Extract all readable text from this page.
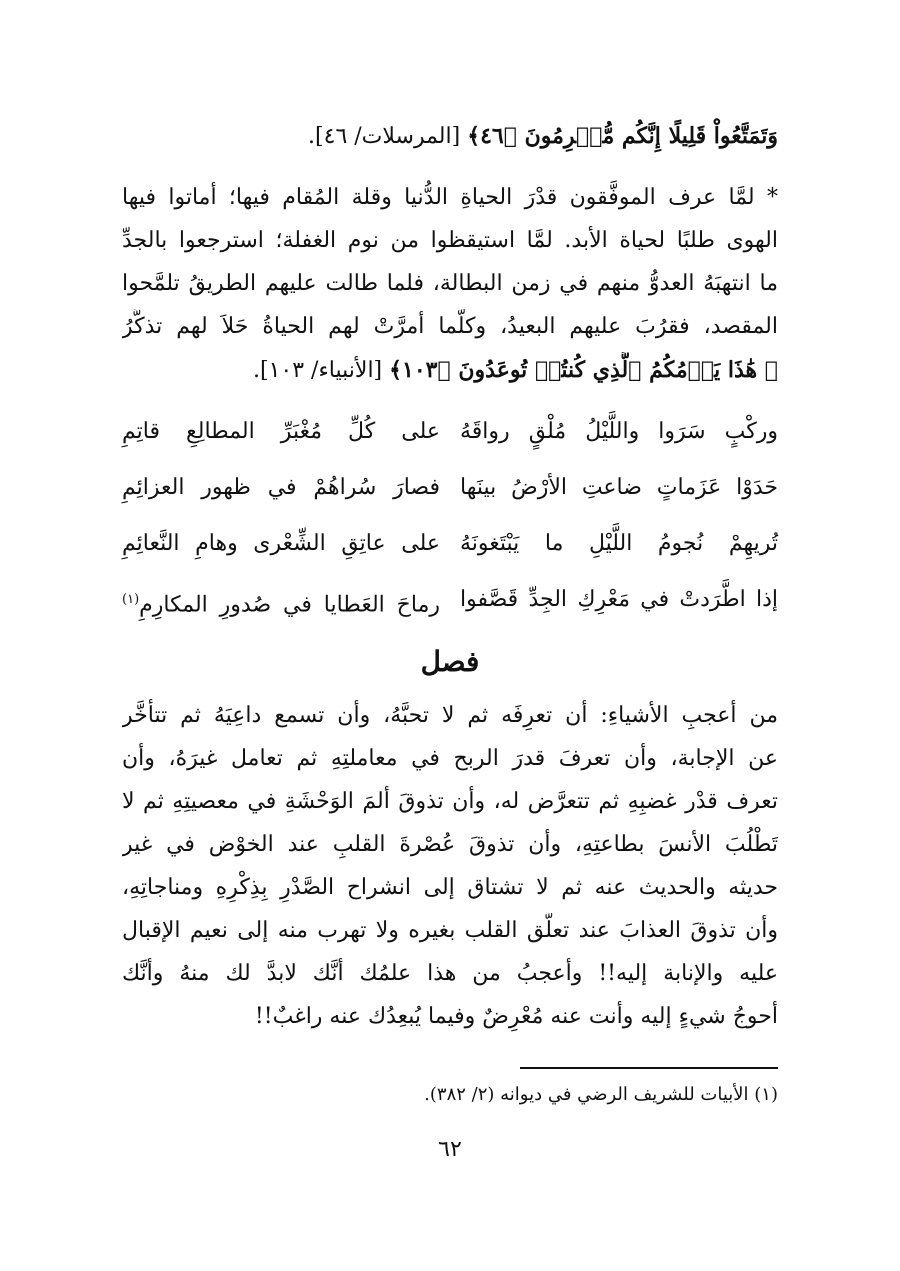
وَتَمَتَّعُواْ قَلِيلًا إِنَّكُم مُّجۡرِمُونَ ﴿٤٦﴾ [المرسلات/ ٤٦].
* لمَّا عرف الموفَّقون قدْرَ الحياةِ الدُّنيا وقلة المُقام فيها؛ أماتوا فيها
الهوى طلبًا لحياة الأبد. لمَّا استيقظوا من نوم الغفلة؛ استرجعوا بالجدِّ
ما انتهبَهُ العدوُّ منهم في زمن البطالة، فلما طالت عليهم الطريقُ تلمَّحوا
المقصد، فقرُبَ عليهم البعيدُ، وكلَّما أمرَّتْ لهم الحياةُ حَلاَ لهم تذكُّرُ
﴿ هَٰذَا يَوۡمُكُمُ ٱلَّذِي كُنتُمۡ تُوعَدُونَ ﴿١٠٣﴾ [الأنبياء/ ١٠٣].
وركْبٍ سَرَوا واللَّيْلُ مُلْقٍ رواقَهُ
على كُلِّ مُغْبَرِّ المطالِعِ قاتِمِ
حَدَوْا عَزَماتٍ ضاعتِ الأرْضُ بينَها
فصارَ سُراهُمْ في ظهور العزائِمِ
تُريهِمْ نُجومُ اللَّيْلِ ما يَبْتَغونَهُ
على عاتِقِ الشِّعْرى وهامِ النَّعائِمِ
إذا اطَّرَدتْ في مَعْرِكِ الجِدِّ قَصَّفوا
رماحَ العَطايا في صُدورِ المكارِمِ$^{(١)}$
فصل
من أعجبِ الأشياءِ: أن تعرِفَه ثم لا تحبَّهُ، وأن تسمع داعِيَهُ ثم تتأخَّر
عن الإجابة، وأن تعرفَ قدرَ الربح في معاملتِهِ ثم تعامل غيرَهُ، وأن
تعرف قدْر غضبِهِ ثم تتعرَّض له، وأن تذوقَ ألمَ الوَحْشَةِ في معصيتِهِ ثم لا
تَطْلُبَ الأنسَ بطاعتِهِ، وأن تذوقَ عُصْرةَ القلبِ عند الخوْض في غير
حديثه والحديث عنه ثم لا تشتاق إلى انشراح الصَّدْرِ بِذِكْرِهِ ومناجاتِهِ،
وأن تذوقَ العذابَ عند تعلُّق القلب بغيره ولا تهرب منه إلى نعيم الإقبال
عليه والإنابة إليه!! وأعجبُ من هذا علمُك أنَّك لابدَّ لك منهُ وأنَّك
أحوجُ شيءٍ إليه وأنت عنه مُعْرِضٌ وفيما يُبعِدُك عنه راغبٌ!!
(١) الأبيات للشريف الرضي في ديوانه (٢/ ٣٨٢).
٦٢
